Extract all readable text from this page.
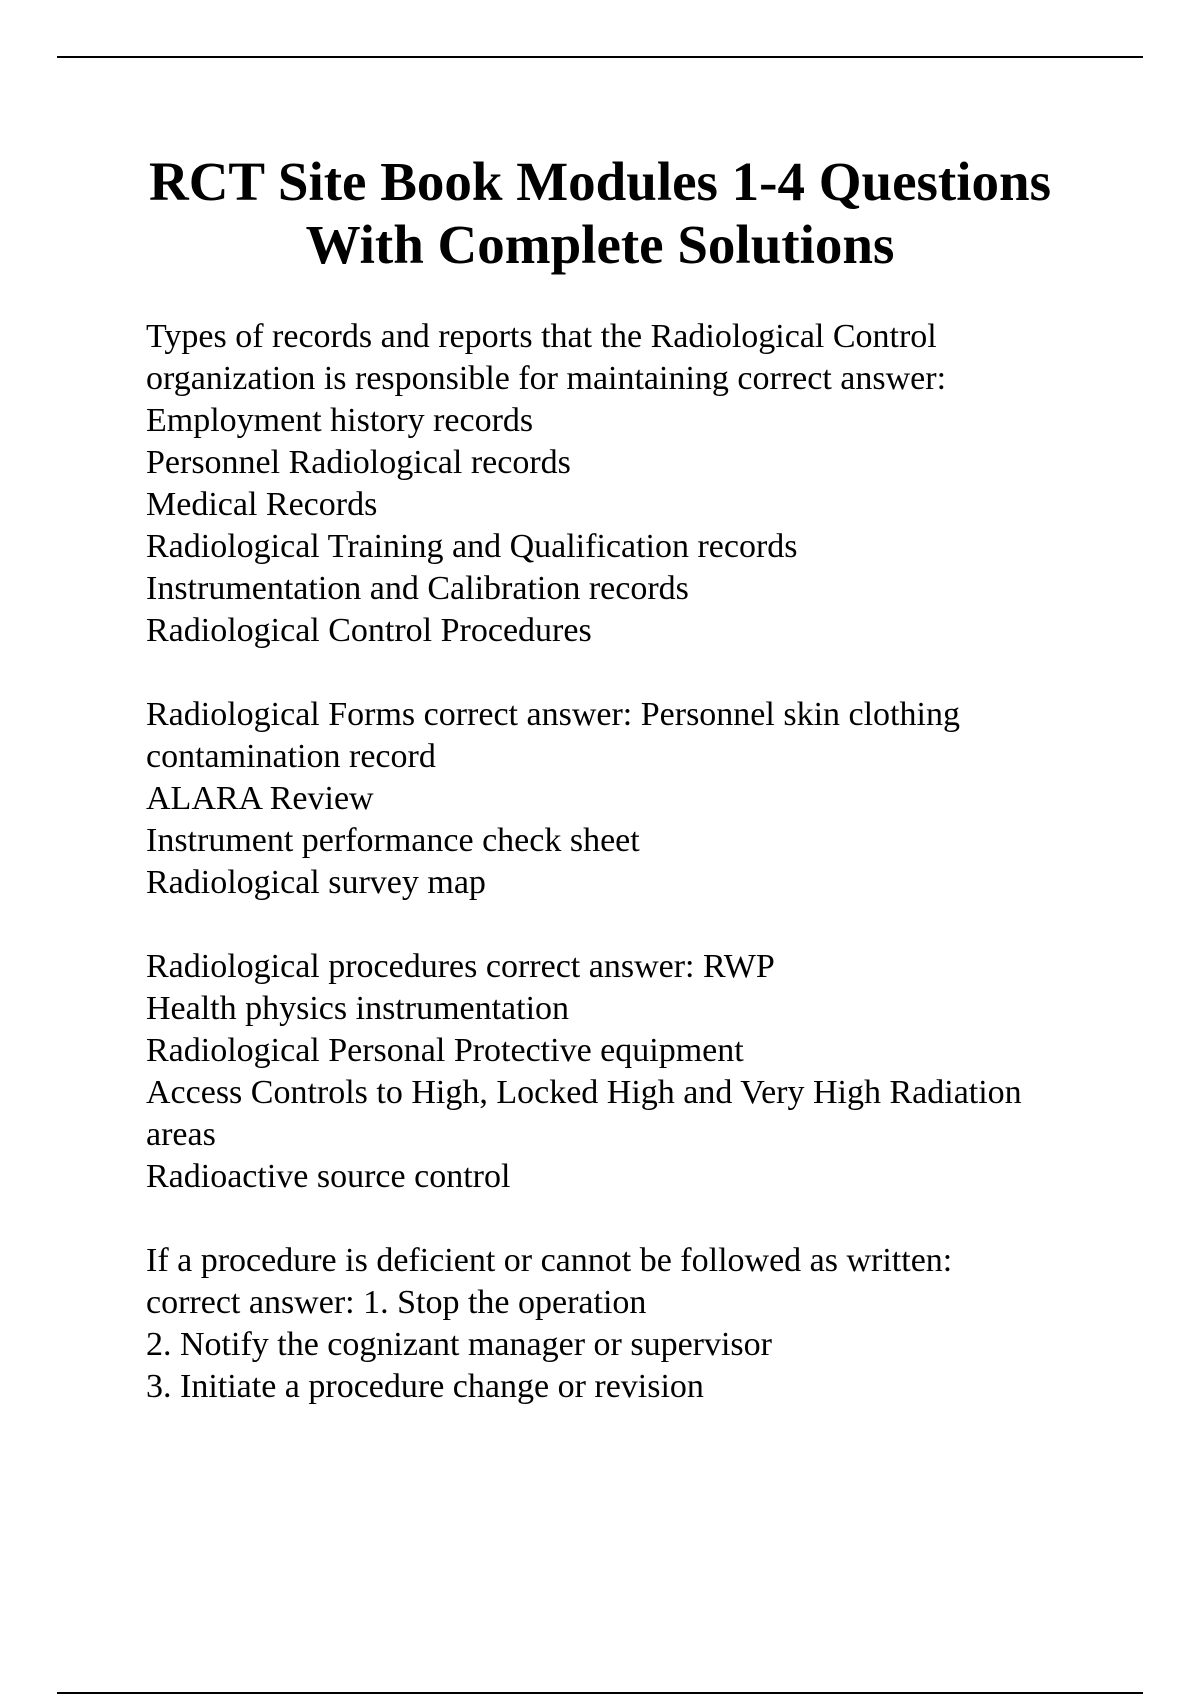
RCT Site Book Modules 1-4 Questions
With Complete Solutions

Types of records and reports that the Radiological Control
organization is responsible for maintaining correct answer:
Employment history records
Personnel Radiological records
Medical Records
Radiological Training and Qualification records
Instrumentation and Calibration records
Radiological Control Procedures

Radiological Forms correct answer: Personnel skin clothing
contamination record
ALARA Review
Instrument performance check sheet
Radiological survey map

Radiological procedures correct answer: RWP
Health physics instrumentation
Radiological Personal Protective equipment
Access Controls to High, Locked High and Very High Radiation
areas
Radioactive source control

If a procedure is deficient or cannot be followed as written:
correct answer: 1. Stop the operation
2. Notify the cognizant manager or supervisor
3. Initiate a procedure change or revision
